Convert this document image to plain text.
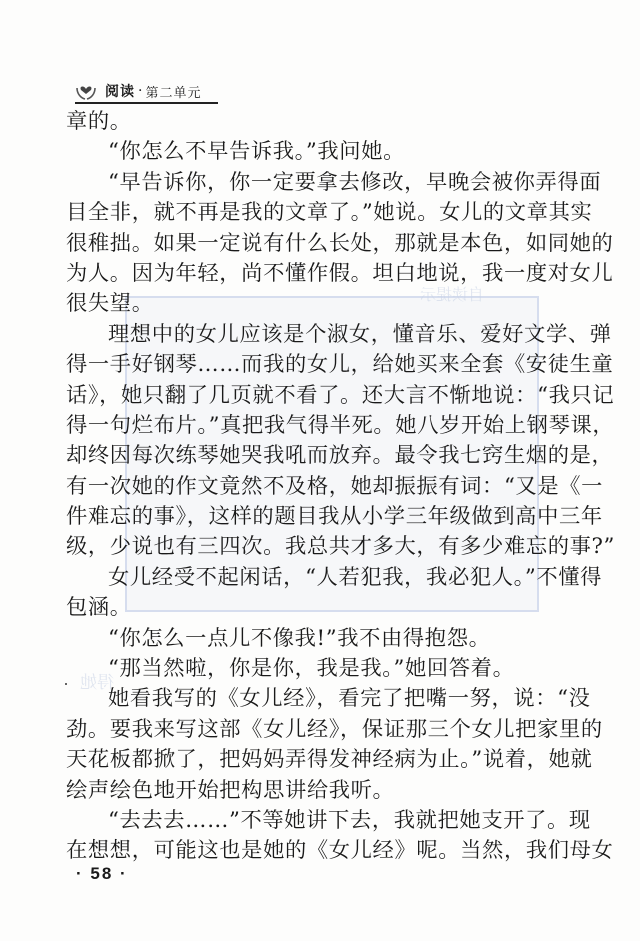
自读提示
得她
阅读 · 第二单元
章的。
“你怎么不早告诉我。”我问她。
“早告诉你，你一定要拿去修改，早晚会被你弄得面
目全非，就不再是我的文章了。”她说。女儿的文章其实
很稚拙。如果一定说有什么长处，那就是本色，如同她的
为人。因为年轻，尚不懂作假。坦白地说，我一度对女儿
很失望。
理想中的女儿应该是个淑女，懂音乐、爱好文学、弹
得一手好钢琴……而我的女儿，给她买来全套《安徒生童
话》，她只翻了几页就不看了。还大言不惭地说：“我只记
得一句烂布片。”真把我气得半死。她八岁开始上钢琴课，
却终因每次练琴她哭我吼而放弃。最令我七窍生烟的是，
有一次她的作文竟然不及格，她却振振有词：“又是《一
件难忘的事》，这样的题目我从小学三年级做到高中三年
级，少说也有三四次。我总共才多大，有多少难忘的事?”
女儿经受不起闲话，“人若犯我，我必犯人。”不懂得
包涵。
“你怎么一点儿不像我!”我不由得抱怨。
“那当然啦，你是你，我是我。”她回答着。
她看我写的《女儿经》，看完了把嘴一努，说：“没
劲。要我来写这部《女儿经》，保证那三个女儿把家里的
天花板都掀了，把妈妈弄得发神经病为止。”说着，她就
绘声绘色地开始把构思讲给我听。
“去去去……”不等她讲下去，我就把她支开了。现
在想想，可能这也是她的《女儿经》呢。当然，我们母女
· 58 ·
